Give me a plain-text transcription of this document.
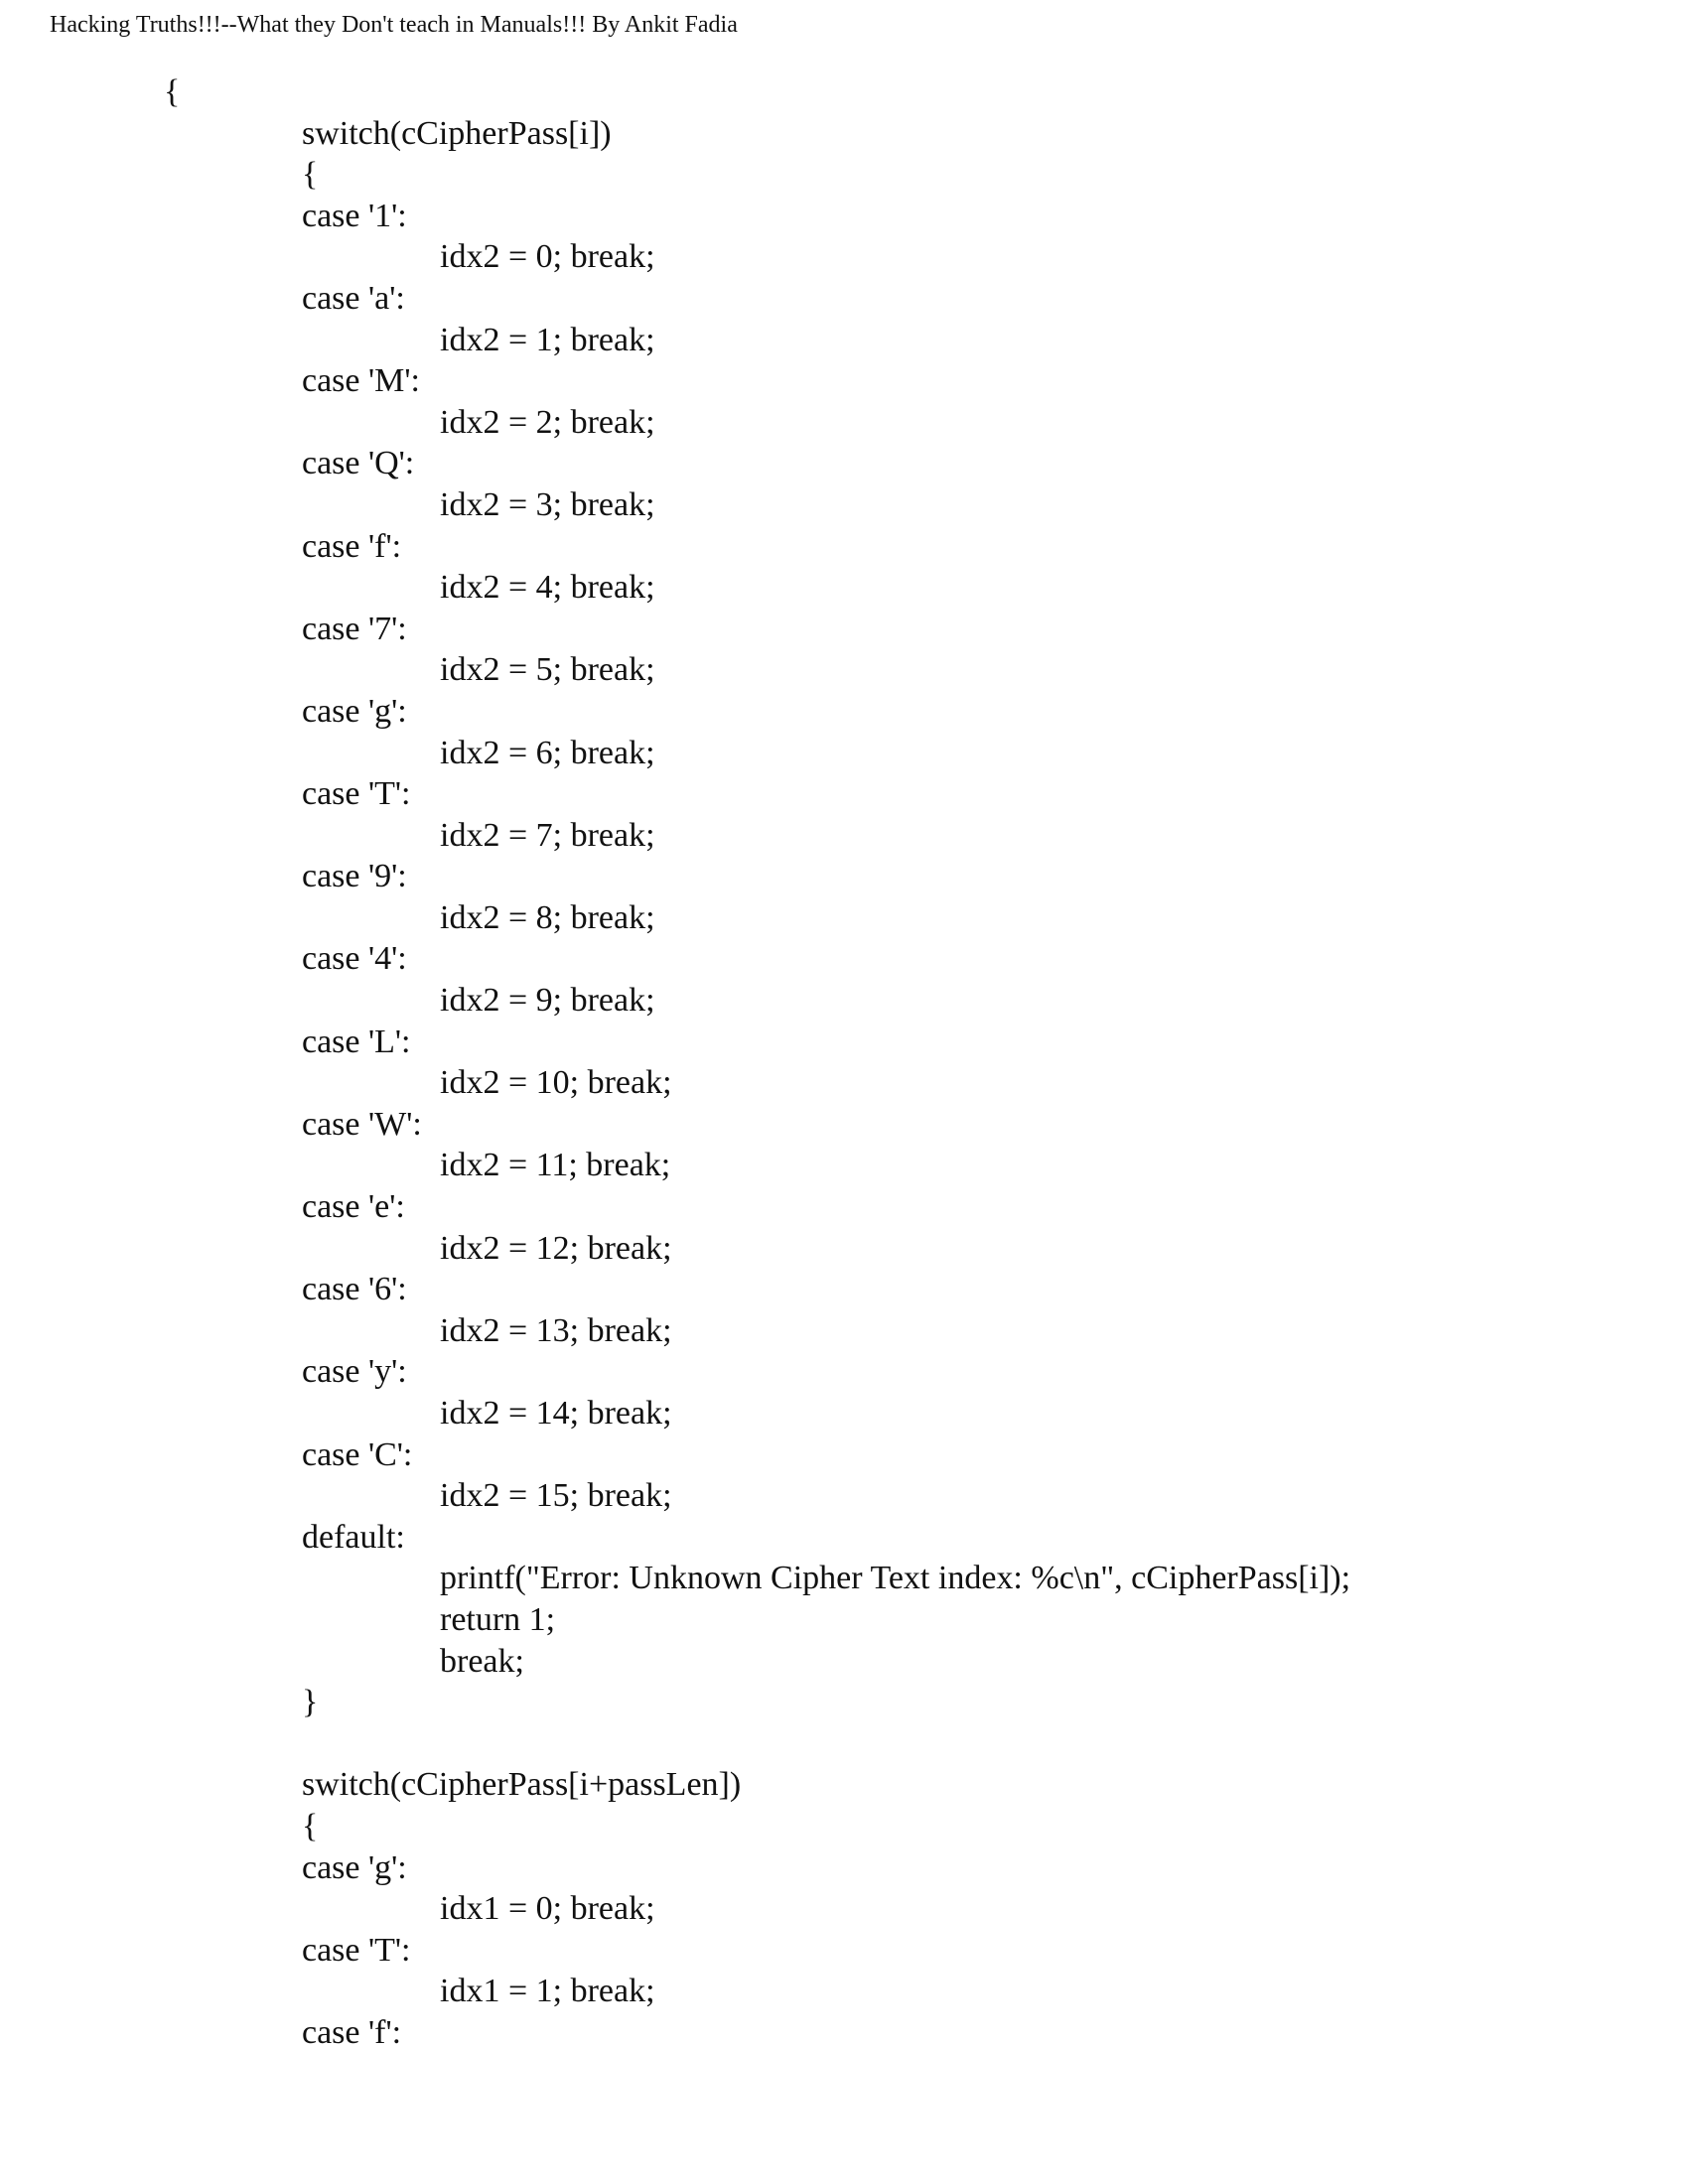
Hacking Truths!!!--What they Don't teach in Manuals!!! By Ankit Fadia
{
switch(cCipherPass[i])
{
case '1':
idx2 = 0; break;
case 'a':
idx2 = 1; break;
case 'M':
idx2 = 2; break;
case 'Q':
idx2 = 3; break;
case 'f':
idx2 = 4; break;
case '7':
idx2 = 5; break;
case 'g':
idx2 = 6; break;
case 'T':
idx2 = 7; break;
case '9':
idx2 = 8; break;
case '4':
idx2 = 9; break;
case 'L':
idx2 = 10; break;
case 'W':
idx2 = 11; break;
case 'e':
idx2 = 12; break;
case '6':
idx2 = 13; break;
case 'y':
idx2 = 14; break;
case 'C':
idx2 = 15; break;
default:
printf("Error: Unknown Cipher Text index: %c\n", cCipherPass[i]);
return 1;
break;
}
switch(cCipherPass[i+passLen])
{
case 'g':
idx1 = 0; break;
case 'T':
idx1 = 1; break;
case 'f':
